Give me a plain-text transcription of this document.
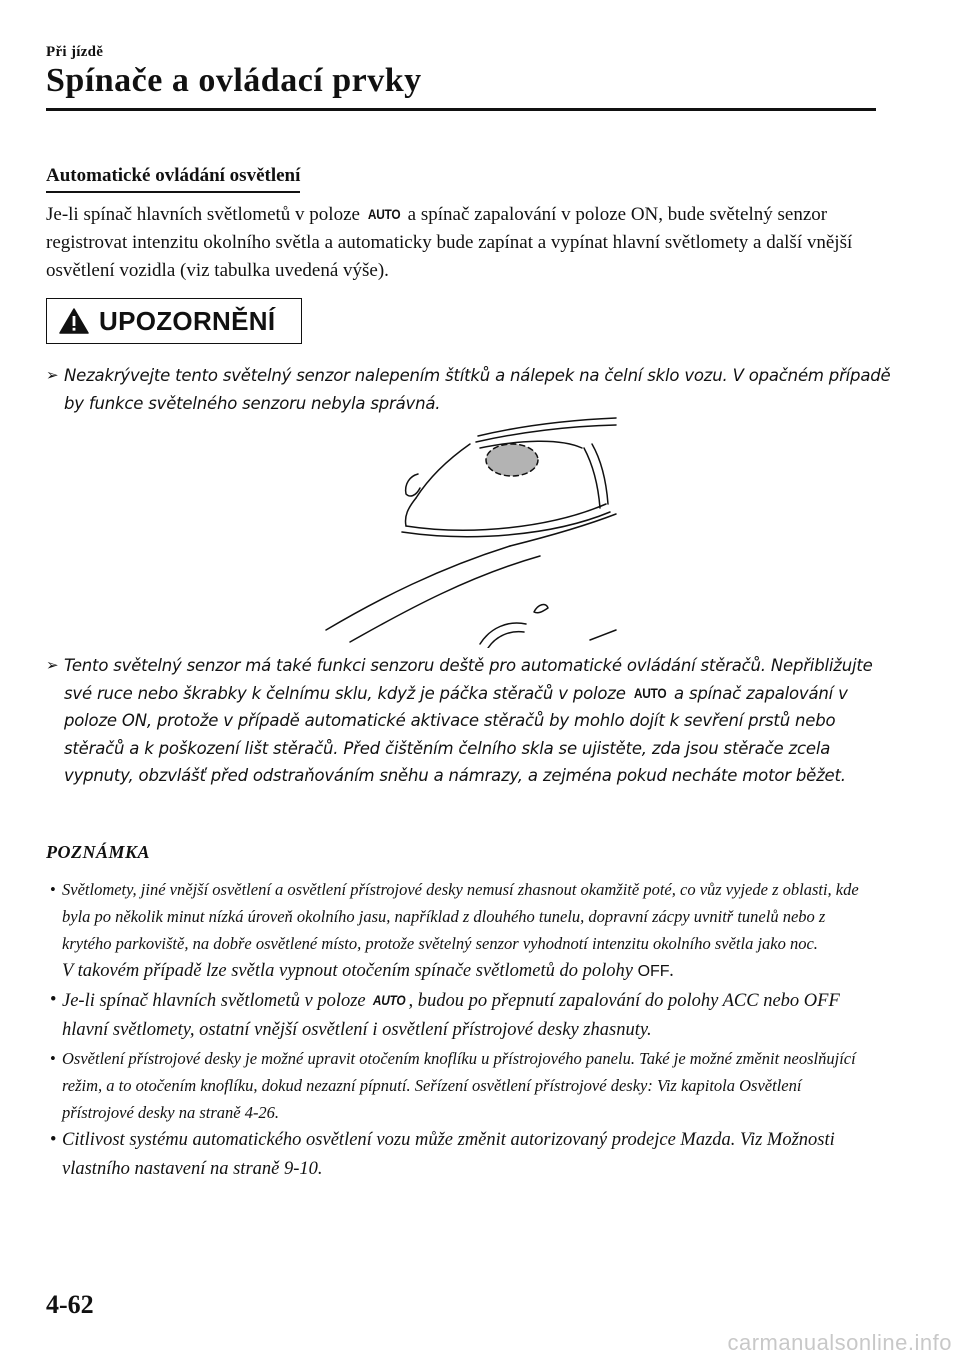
Při jízdě
Spínače a ovládací prvky
Automatické ovládání osvětlení
Je-li spínač hlavních světlometů v poloze AUTO a spínač zapalování v poloze ON, bude světelný senzor registrovat intenzitu okolního světla a automaticky bude zapínat a vypínat hlavní světlomety a další vnější osvětlení vozidla (viz tabulka uvedená výše).
UPOZORNĚNÍ
➢ Nezakrývejte tento světelný senzor nalepením štítků a nálepek na čelní sklo vozu. V opačném případě by funkce světelného senzoru nebyla správná.
➢ Tento světelný senzor má také funkci senzoru deště pro automatické ovládání stěračů. Nepřibližujte své ruce nebo škrabky k čelnímu sklu, když je páčka stěračů v poloze AUTO a spínač zapalování v poloze ON, protože v případě automatické aktivace stěračů by mohlo dojít k sevření prstů nebo stěračů a k poškození lišt stěračů. Před čištěním čelního skla se ujistěte, zda jsou stěrače zcela vypnuty, obzvlášť před odstraňováním sněhu a námrazy, a zejména pokud necháte motor běžet.
POZNÁMKA
• Světlomety, jiné vnější osvětlení a osvětlení přístrojové desky nemusí zhasnout okamžitě poté, co vůz vyjede z oblasti, kde byla po několik minut nízká úroveň okolního jasu, například z dlouhého tunelu, dopravní zácpy uvnitř tunelů nebo z krytého parkoviště, na dobře osvětlené místo, protože světelný senzor vyhodnotí intenzitu okolního světla jako noc.
V takovém případě lze světla vypnout otočením spínače světlometů do polohy OFF.
• Je-li spínač hlavních světlometů v poloze AUTO , budou po přepnutí zapalování do polohy ACC nebo OFF hlavní světlomety, ostatní vnější osvětlení i osvětlení přístrojové desky zhasnuty.
• Osvětlení přístrojové desky je možné upravit otočením knoflíku u přístrojového panelu. Také je možné změnit neoslňující režim, a to otočením knoflíku, dokud nezazní pípnutí. Seřízení osvětlení přístrojové desky: Viz kapitola Osvětlení přístrojové desky na straně 4-26.
• Citlivost systému automatického osvětlení vozu může změnit autorizovaný prodejce Mazda. Viz Možnosti vlastního nastavení na straně 9-10.
4-62
carmanualsonline.info
